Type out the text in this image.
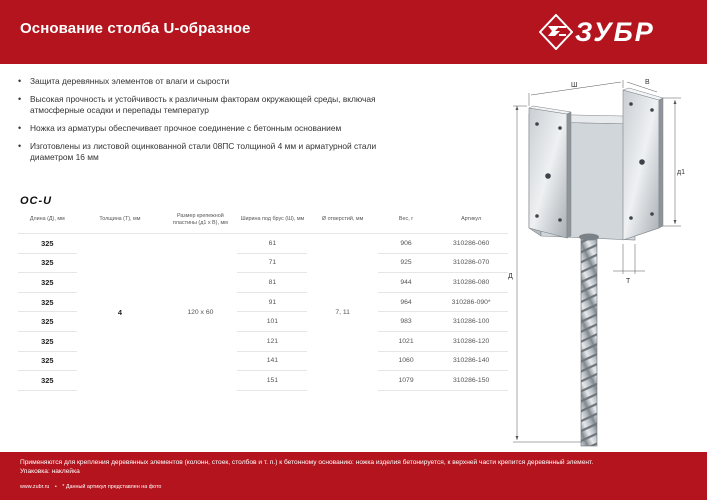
Основание столба U-образное	ЗУБР
• Защита деревянных элементов от влаги и сырости
• Высокая прочность и устойчивость к различным факторам окружающей среды, включая атмосферные осадки и перепады температур
• Ножка из арматуры обеспечивает прочное соединение с бетонным основанием
• Изготовлены из листовой оцинкованной стали 08ПС толщиной 4 мм и арматурной стали диаметром 16 мм
ОС-U
Длина (Д), мм	Толщина (Т), мм	Размер крепежной пластины (д1 х В), мм	Ширина под брус (Ш), мм	Ø отверстий, мм	Вес, г	Артикул
325	4	120 х 60	61	7, 11	906	310286-060
325			71		925	310286-070
325			81		944	310286-080
325			91		964	310286-090*
325			101		983	310286-100
325			121		1021	310286-120
325			141		1060	310286-140
325			151		1079	310286-150
Ш	В
д1
Д
Т
Применяются для крепления деревянных элементов (колонн, стоек, столбов и т. п.) к бетонному основанию: ножка изделия бетонируется, к верхней части крепится деревянный элемент.
Упаковка: наклейка
www.zubr.ru • * Данный артикул представлен на фото
